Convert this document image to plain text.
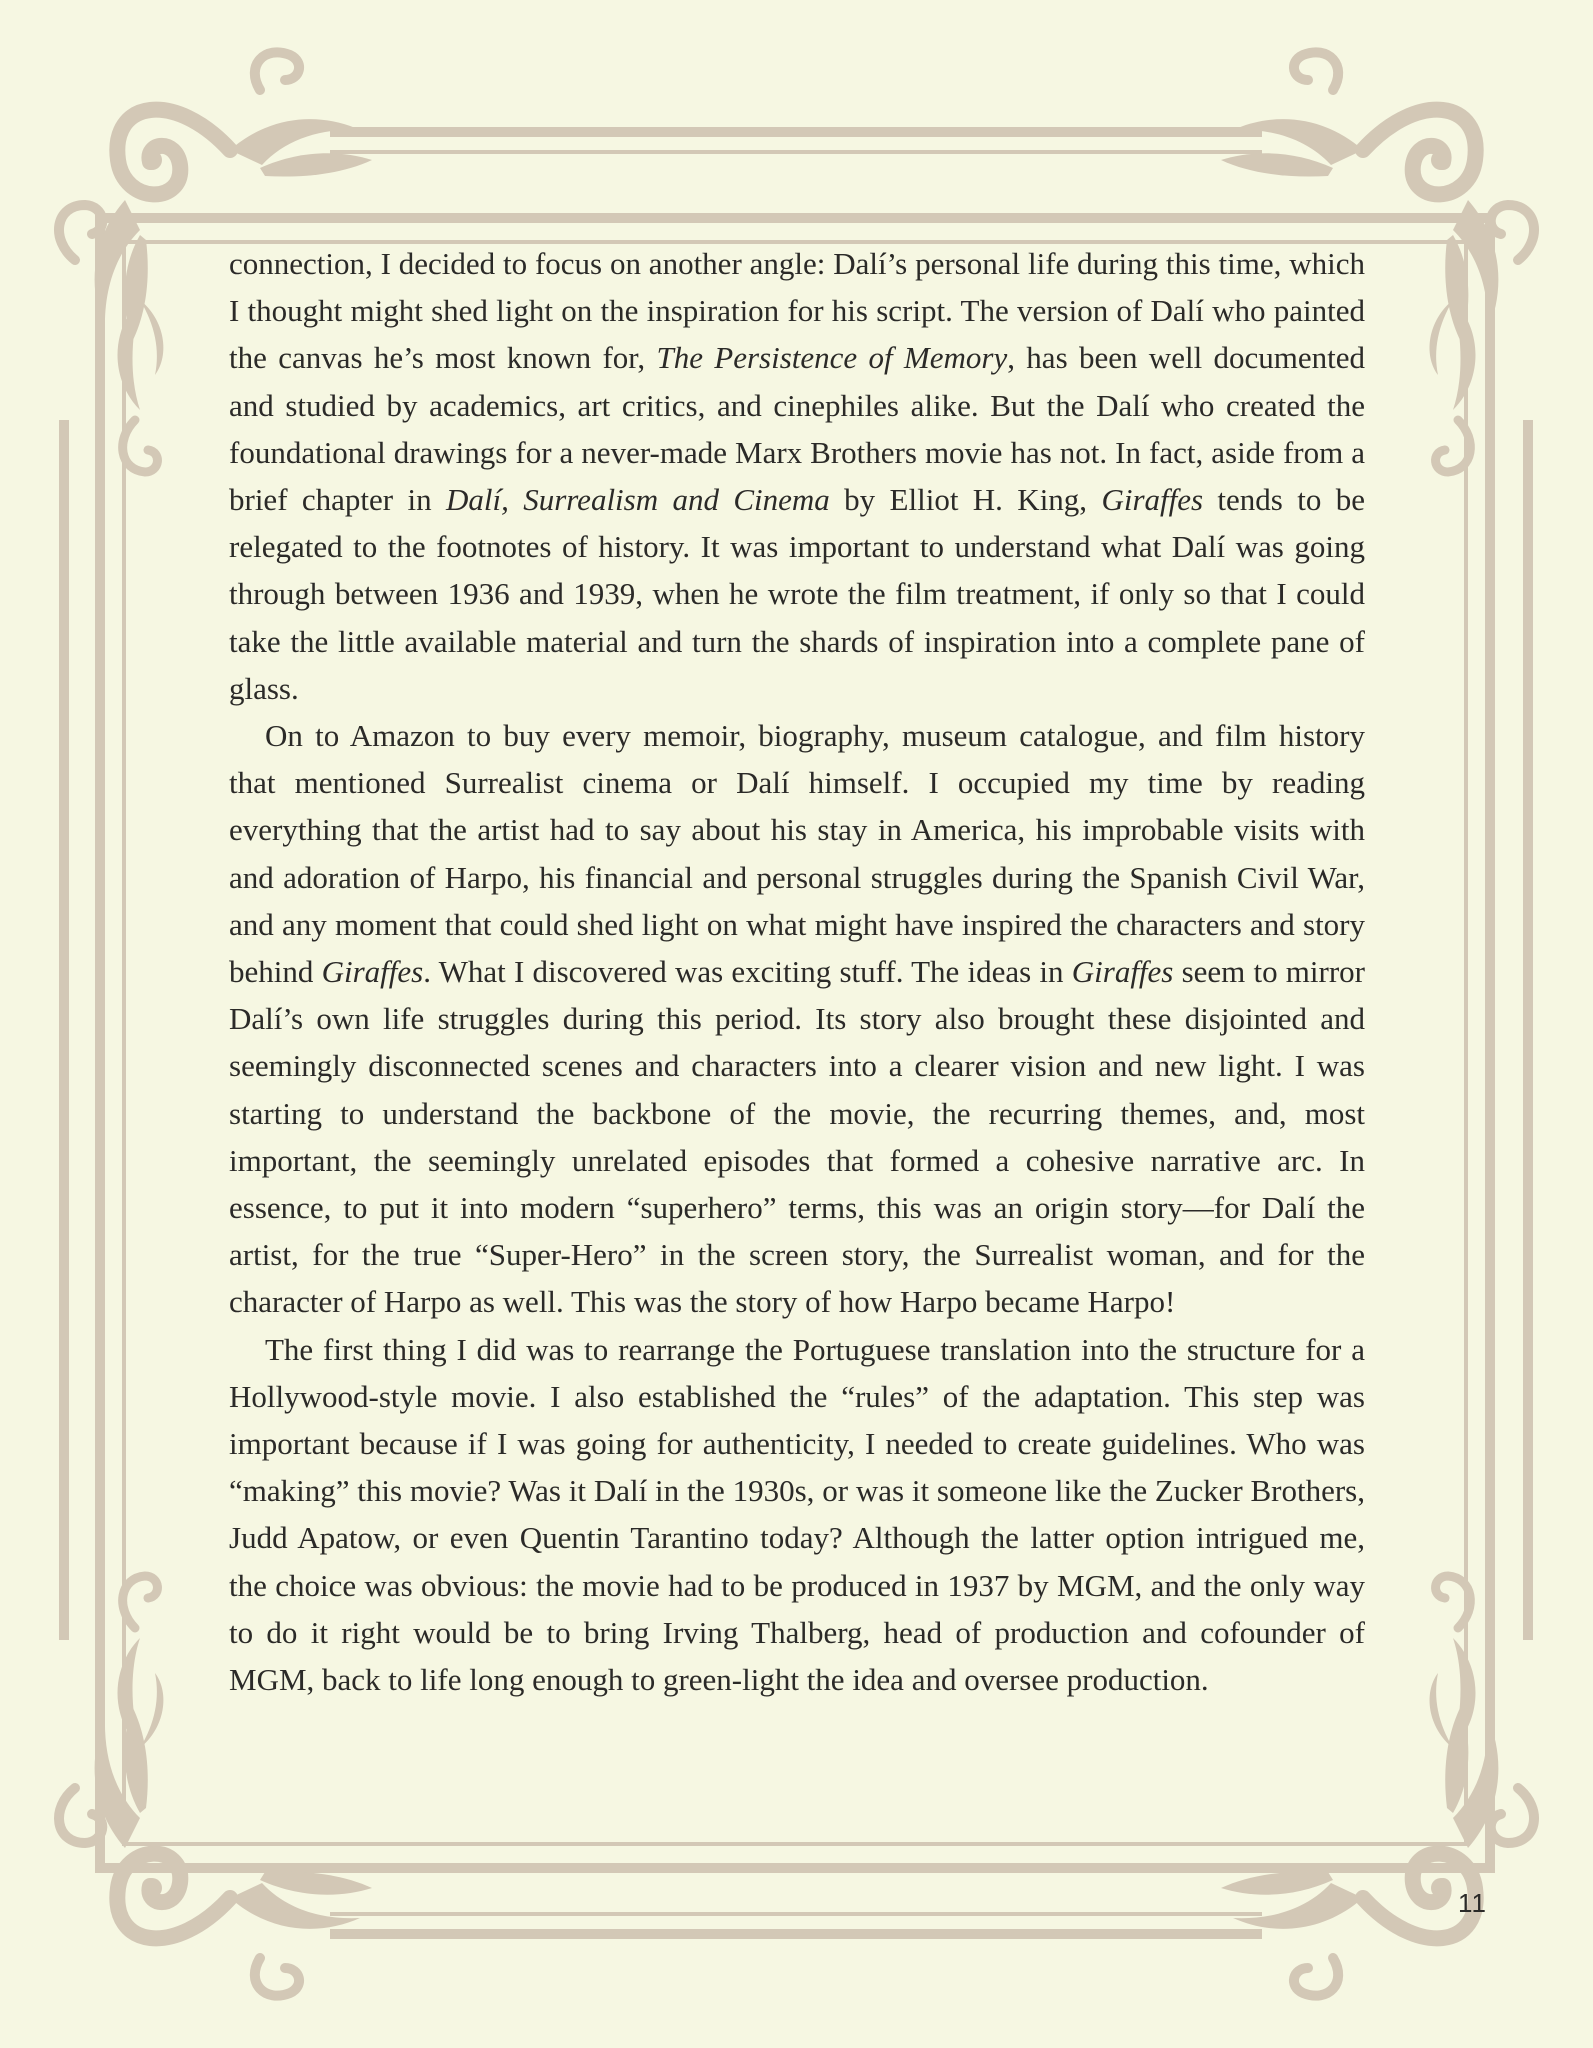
connection, I decided to focus on another angle: Dalí’s personal life during this time, which I thought might shed light on the inspiration for his script. The version of Dalí who painted the canvas he’s most known for, The Persistence of Memory, has been well documented and studied by academics, art critics, and cinephiles alike. But the Dalí who created the foundational drawings for a never-made Marx Brothers movie has not. In fact, aside from a brief chapter in Dalí, Surrealism and Cinema by Elliot H. King, Giraffes tends to be relegated to the footnotes of history. It was important to understand what Dalí was going through between 1936 and 1939, when he wrote the film treatment, if only so that I could take the little available material and turn the shards of inspiration into a complete pane of glass.

On to Amazon to buy every memoir, biography, museum catalogue, and film history that mentioned Surrealist cinema or Dalí himself. I occupied my time by reading everything that the artist had to say about his stay in America, his improbable visits with and adoration of Harpo, his financial and personal struggles during the Spanish Civil War, and any moment that could shed light on what might have inspired the characters and story behind Giraffes. What I discovered was exciting stuff. The ideas in Giraffes seem to mirror Dalí’s own life struggles during this period. Its story also brought these disjointed and seemingly disconnected scenes and characters into a clearer vision and new light. I was starting to understand the backbone of the movie, the recurring themes, and, most important, the seemingly unrelated episodes that formed a cohesive narrative arc. In essence, to put it into modern “superhero” terms, this was an origin story—for Dalí the artist, for the true “Super-Hero” in the screen story, the Surrealist woman, and for the character of Harpo as well. This was the story of how Harpo became Harpo!

The first thing I did was to rearrange the Portuguese translation into the structure for a Hollywood-style movie. I also established the “rules” of the adaptation. This step was important because if I was going for authenticity, I needed to create guidelines. Who was “making” this movie? Was it Dalí in the 1930s, or was it someone like the Zucker Brothers, Judd Apatow, or even Quentin Tarantino today? Although the latter option intrigued me, the choice was obvious: the movie had to be produced in 1937 by MGM, and the only way to do it right would be to bring Irving Thalberg, head of production and cofounder of MGM, back to life long enough to green-light the idea and oversee production.

11
